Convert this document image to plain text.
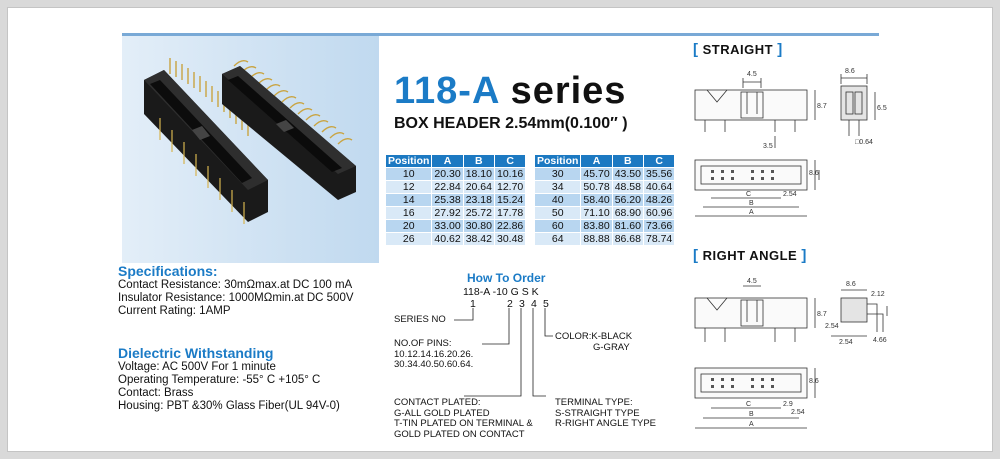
118-A series
BOX HEADER 2.54mm(0.100″ )
Position	A	B	C
10	20.30	18.10	10.16
12	22.84	20.64	12.70
14	25.38	23.18	15.24
16	27.92	25.72	17.78
20	33.00	30.80	22.86
26	40.62	38.42	30.48
Position	A	B	C
30	45.70	43.50	35.56
34	50.78	48.58	40.64
40	58.40	56.20	48.26
50	71.10	68.90	60.96
60	83.80	81.60	73.66
64	88.88	86.68	78.74
Specifications:
Contact Resistance: 30mΩmax.at DC 100 mA
Insulator Resistance: 1000MΩmin.at DC 500V
Current Rating: 1AMP
Dielectric Withstanding
Voltage: AC 500V For 1 minute
Operating Temperature: -55° C +105° C
Contact: Brass
Housing: PBT &30% Glass Fiber(UL 94V-0)
How To Order
118-A -10 G S K
1	2 3 4 5
SERIES NO
NO.OF PINS:
10.12.14.16.20.26.
30.34.40.50.60.64.
COLOR:K-BLACK
G-GRAY
CONTACT PLATED:
G-ALL GOLD PLATED
T-TIN PLATED ON TERMINAL &
GOLD PLATED ON CONTACT
TERMINAL TYPE:
S-STRAIGHT TYPE
R-RIGHT ANGLE TYPE
[ STRAIGHT ]
4.5	8.6
8.7	6.5
3.5
□0.64
C
B
A
2.54
8.6
[ RIGHT ANGLE ]
4.5	8.6
8.7
2.54
2.12
4.66
2.54
C
B
A
2.9
2.54
8.6
